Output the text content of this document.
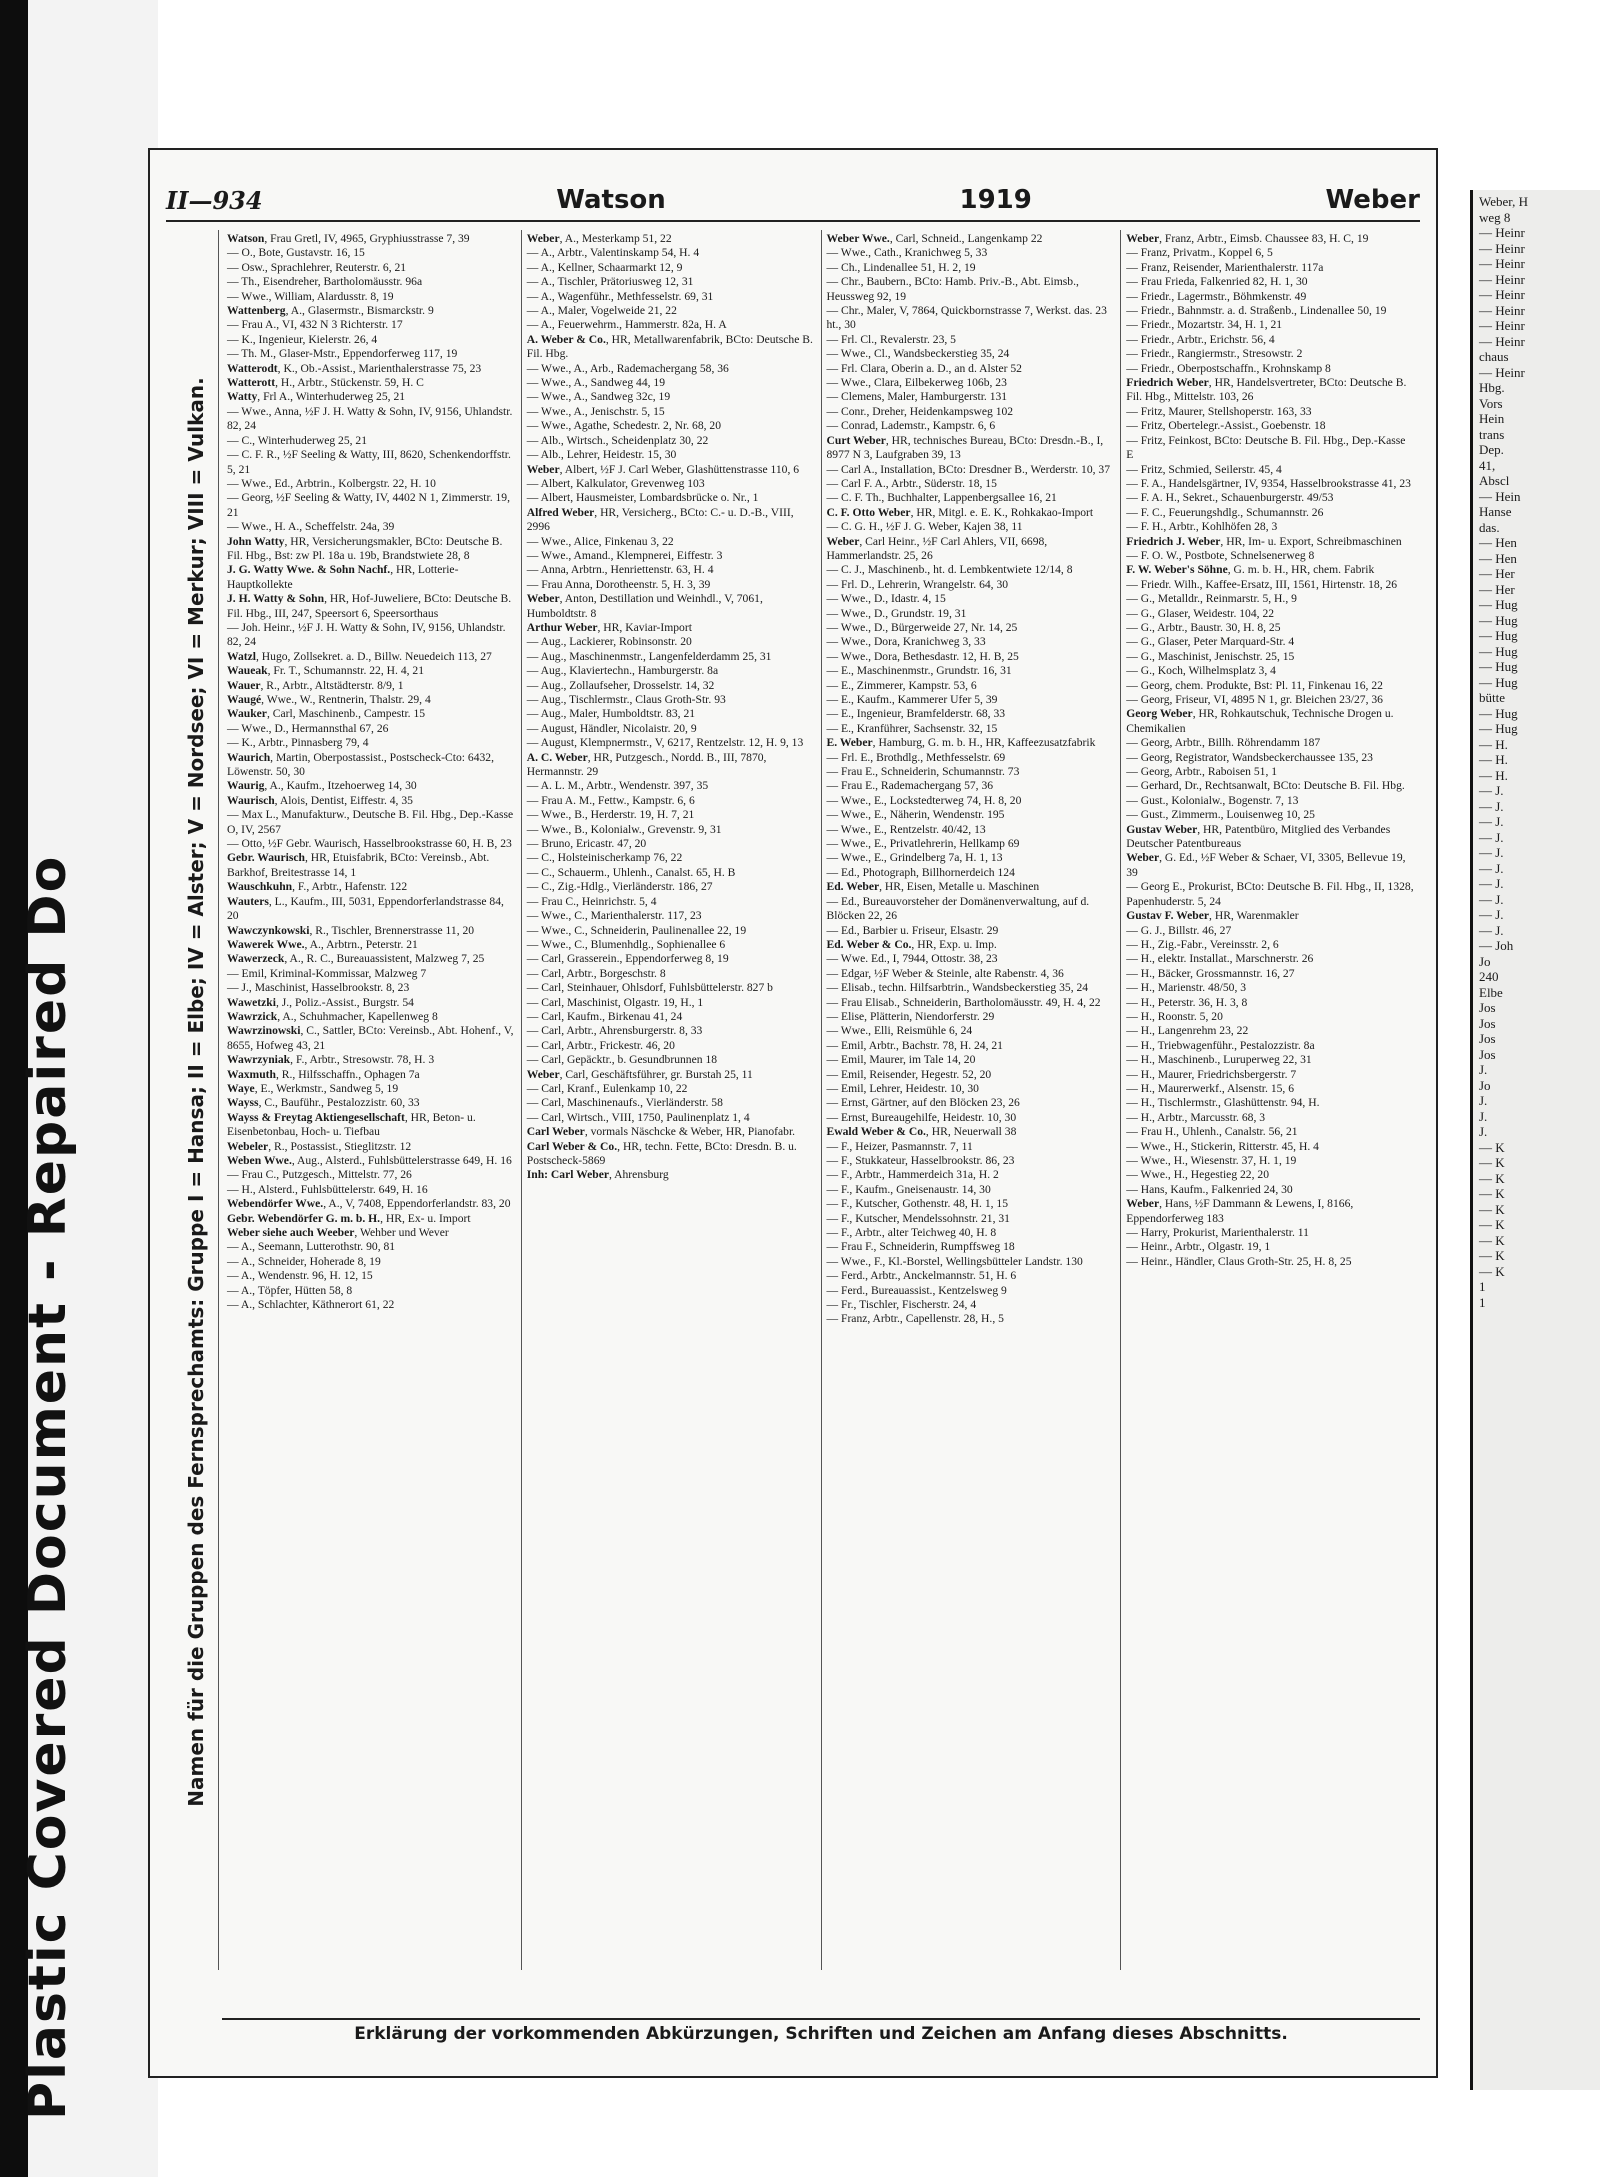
Plastic Covered Document - Repaired Do
II—934	Watson	1919	Weber
Namen für die Gruppen des Fernsprechamts: Gruppe I = Hansa; II = Elbe; IV = Alster; V = Nordsee; VI = Merkur; VIII = Vulkan.

Watson, Frau Gretl, IV, 4965, Gryphiusstrasse 7, 39

— O., Bote, Gustavstr. 16, 15

— Osw., Sprachlehrer, Reuterstr. 6, 21

— Th., Eisendreher, Bartholomäusstr. 96a

— Wwe., William, Alardusstr. 8, 19

Wattenberg, A., Glasermstr., Bismarckstr. 9

— Frau A., VI, 432 N 3 Richterstr. 17

— K., Ingenieur, Kielerstr. 26, 4

— Th. M., Glaser-Mstr., Eppendorferweg 117, 19

Watterodt, K., Ob.-Assist., Marienthalerstrasse 75, 23

Watterott, H., Arbtr., Stückenstr. 59, H. C

Watty, Frl A., Winterhuderweg 25, 21

— Wwe., Anna, ½F J. H. Watty & Sohn, IV, 9156, Uhlandstr. 82, 24

— C., Winterhuderweg 25, 21

— C. F. R., ½F Seeling & Watty, III, 8620, Schenkendorffstr. 5, 21

— Wwe., Ed., Arbtrin., Kolbergstr. 22, H. 10

— Georg, ½F Seeling & Watty, IV, 4402 N 1, Zimmerstr. 19, 21

— Wwe., H. A., Scheffelstr. 24a, 39

John Watty, HR, Versicherungsmakler, BCto: Deutsche B. Fil. Hbg., Bst: zw Pl. 18a u. 19b, Brandstwiete 28, 8

J. G. Watty Wwe. & Sohn Nachf., HR, Lotterie-Hauptkollekte

J. H. Watty & Sohn, HR, Hof-Juweliere, BCto: Deutsche B. Fil. Hbg., III, 247, Speersort 6, Speersorthaus

— Joh. Heinr., ½F J. H. Watty & Sohn, IV, 9156, Uhlandstr. 82, 24

Watzl, Hugo, Zollsekret. a. D., Billw. Neuedeich 113, 27

Waueak, Fr. T., Schumannstr. 22, H. 4, 21

Wauer, R., Arbtr., Altstädterstr. 8/9, 1

Waugé, Wwe., W., Rentnerin, Thalstr. 29, 4

Wauker, Carl, Maschinenb., Campestr. 15

— Wwe., D., Hermannsthal 67, 26

— K., Arbtr., Pinnasberg 79, 4

Waurich, Martin, Oberpostassist., Postscheck-Cto: 6432, Löwenstr. 50, 30

Waurig, A., Kaufm., Itzehoerweg 14, 30

Waurisch, Alois, Dentist, Eiffestr. 4, 35

— Max L., Manufakturw., Deutsche B. Fil. Hbg., Dep.-Kasse O, IV, 2567

— Otto, ½F Gebr. Waurisch, Hasselbrookstrasse 60, H. B, 23

Gebr. Waurisch, HR, Etuisfabrik, BCto: Vereinsb., Abt. Barkhof, Breitestrasse 14, 1

Wauschkuhn, F., Arbtr., Hafenstr. 122

Wauters, L., Kaufm., III, 5031, Eppendorferlandstrasse 84, 20

Wawczynkowski, R., Tischler, Brennerstrasse 11, 20

Wawerek Wwe., A., Arbtrn., Peterstr. 21

Wawerzeck, A., R. C., Bureauassistent, Malzweg 7, 25

— Emil, Kriminal-Kommissar, Malzweg 7

— J., Maschinist, Hasselbrookstr. 8, 23

Wawetzki, J., Poliz.-Assist., Burgstr. 54

Wawrzick, A., Schuhmacher, Kapellenweg 8

Wawrzinowski, C., Sattler, BCto: Vereinsb., Abt. Hohenf., V, 8655, Hofweg 43, 21

Wawrzyniak, F., Arbtr., Stresowstr. 78, H. 3

Waxmuth, R., Hilfsschaffn., Ophagen 7a

Waye, E., Werkmstr., Sandweg 5, 19

Wayss, C., Bauführ., Pestalozzistr. 60, 33

Wayss & Freytag Aktiengesellschaft, HR, Beton- u. Eisenbetonbau, Hoch- u. Tiefbau

Webeler, R., Postassist., Stieglitzstr. 12

Weben Wwe., Aug., Alsterd., Fuhlsbüttelerstrasse 649, H. 16

— Frau C., Putzgesch., Mittelstr. 77, 26

— H., Alsterd., Fuhlsbüttelerstr. 649, H. 16

Webendörfer Wwe., A., V, 7408, Eppendorferlandstr. 83, 20

Gebr. Webendörfer G. m. b. H., HR, Ex- u. Import

Weber siehe auch Weeber, Wehber und Wever

— A., Seemann, Lutterothstr. 90, 81

— A., Schneider, Hoherade 8, 19

— A., Wendenstr. 96, H. 12, 15

— A., Töpfer, Hütten 58, 8

— A., Schlachter, Käthnerort 61, 22

Weber, A., Mesterkamp 51, 22

— A., Arbtr., Valentinskamp 54, H. 4

— A., Kellner, Schaarmarkt 12, 9

— A., Tischler, Prätoriusweg 12, 31

— A., Wagenführ., Methfesselstr. 69, 31

— A., Maler, Vogelweide 21, 22

— A., Feuerwehrm., Hammerstr. 82a, H. A

A. Weber & Co., HR, Metallwarenfabrik, BCto: Deutsche B. Fil. Hbg.

— Wwe., A., Arb., Rademachergang 58, 36

— Wwe., A., Sandweg 44, 19

— Wwe., A., Sandweg 32c, 19

— Wwe., A., Jenischstr. 5, 15

— Wwe., Agathe, Schedestr. 2, Nr. 68, 20

— Alb., Wirtsch., Scheidenplatz 30, 22

— Alb., Lehrer, Heidestr. 15, 30

Weber, Albert, ½F J. Carl Weber, Glashüttenstrasse 110, 6

— Albert, Kalkulator, Grevenweg 103

— Albert, Hausmeister, Lombardsbrücke o. Nr., 1

Alfred Weber, HR, Versicherg., BCto: C.- u. D.-B., VIII, 2996

— Wwe., Alice, Finkenau 3, 22

— Wwe., Amand., Klempnerei, Eiffestr. 3

— Anna, Arbtrn., Henriettenstr. 63, H. 4

— Frau Anna, Dorotheenstr. 5, H. 3, 39

Weber, Anton, Destillation und Weinhdl., V, 7061, Humboldtstr. 8

Arthur Weber, HR, Kaviar-Import

— Aug., Lackierer, Robinsonstr. 20

— Aug., Maschinenmstr., Langenfelderdamm 25, 31

— Aug., Klaviertechn., Hamburgerstr. 8a

— Aug., Zollaufseher, Drosselstr. 14, 32

— Aug., Tischlermstr., Claus Groth-Str. 93

— Aug., Maler, Humboldtstr. 83, 21

— August, Händler, Nicolaistr. 20, 9

— August, Klempnermstr., V, 6217, Rentzelstr. 12, H. 9, 13

A. C. Weber, HR, Putzgesch., Nordd. B., III, 7870, Hermannstr. 29

— A. L. M., Arbtr., Wendenstr. 397, 35

— Frau A. M., Fettw., Kampstr. 6, 6

— Wwe., B., Herderstr. 19, H. 7, 21

— Wwe., B., Kolonialw., Grevenstr. 9, 31

— Bruno, Ericastr. 47, 20

— C., Holsteinischerkamp 76, 22

— C., Schauerm., Uhlenh., Canalst. 65, H. B

— C., Zig.-Hdlg., Vierländerstr. 186, 27

— Frau C., Heinrichstr. 5, 4

— Wwe., C., Marienthalerstr. 117, 23

— Wwe., C., Schneiderin, Paulinenallee 22, 19

— Wwe., C., Blumenhdlg., Sophienallee 6

— Carl, Grasserein., Eppendorferweg 8, 19

— Carl, Arbtr., Borgeschstr. 8

— Carl, Steinhauer, Ohlsdorf, Fuhlsbüttelerstr. 827 b

— Carl, Maschinist, Olgastr. 19, H., 1

— Carl, Kaufm., Birkenau 41, 24

— Carl, Arbtr., Ahrensburgerstr. 8, 33

— Carl, Arbtr., Frickestr. 46, 20

— Carl, Gepäcktr., b. Gesundbrunnen 18

Weber, Carl, Geschäftsführer, gr. Burstah 25, 11

— Carl, Kranf., Eulenkamp 10, 22

— Carl, Maschinenaufs., Vierländerstr. 58

— Carl, Wirtsch., VIII, 1750, Paulinenplatz 1, 4

Carl Weber, vormals Näschcke & Weber, HR, Pianofabr.

Carl Weber & Co., HR, techn. Fette, BCto: Dresdn. B. u. Postscheck-5869

Inh: Carl Weber, Ahrensburg

Weber Wwe., Carl, Schneid., Langenkamp 22

— Wwe., Cath., Kranichweg 5, 33

— Ch., Lindenallee 51, H. 2, 19

— Chr., Baubern., BCto: Hamb. Priv.-B., Abt. Eimsb., Heussweg 92, 19

— Chr., Maler, V, 7864, Quickbornstrasse 7, Werkst. das. 23 ht., 30

— Frl. Cl., Revalerstr. 23, 5

— Wwe., Cl., Wandsbeckerstieg 35, 24

— Frl. Clara, Oberin a. D., an d. Alster 52

— Wwe., Clara, Eilbekerweg 106b, 23

— Clemens, Maler, Hamburgerstr. 131

— Conr., Dreher, Heidenkampsweg 102

— Conrad, Lademstr., Kampstr. 6, 6

Curt Weber, HR, technisches Bureau, BCto: Dresdn.-B., I, 8977 N 3, Laufgraben 39, 13

— Carl A., Installation, BCto: Dresdner B., Werderstr. 10, 37

— Carl F. A., Arbtr., Süderstr. 18, 15

— C. F. Th., Buchhalter, Lappenbergsallee 16, 21

C. F. Otto Weber, HR, Mitgl. e. E. K., Rohkakao-Import

— C. G. H., ½F J. G. Weber, Kajen 38, 11

Weber, Carl Heinr., ½F Carl Ahlers, VII, 6698, Hammerlandstr. 25, 26

— C. J., Maschinenb., ht. d. Lembkentwiete 12/14, 8

— Frl. D., Lehrerin, Wrangelstr. 64, 30

— Wwe., D., Idastr. 4, 15

— Wwe., D., Grundstr. 19, 31

— Wwe., D., Bürgerweide 27, Nr. 14, 25

— Wwe., Dora, Kranichweg 3, 33

— Wwe., Dora, Bethesdastr. 12, H. B, 25

— E., Maschinenmstr., Grundstr. 16, 31

— E., Zimmerer, Kampstr. 53, 6

— E., Kaufm., Kammerer Ufer 5, 39

— E., Ingenieur, Bramfelderstr. 68, 33

— E., Kranführer, Sachsenstr. 32, 15

E. Weber, Hamburg, G. m. b. H., HR, Kaffeezusatzfabrik

— Frl. E., Brothdlg., Methfesselstr. 69

— Frau E., Schneiderin, Schumannstr. 73

— Frau E., Rademachergang 57, 36

— Wwe., E., Lockstedterweg 74, H. 8, 20

— Wwe., E., Näherin, Wendenstr. 195

— Wwe., E., Rentzelstr. 40/42, 13

— Wwe., E., Privatlehrerin, Hellkamp 69

— Wwe., E., Grindelberg 7a, H. 1, 13

— Ed., Photograph, Billhornerdeich 124

Ed. Weber, HR, Eisen, Metalle u. Maschinen

— Ed., Bureauvorsteher der Domänenverwaltung, auf d. Blöcken 22, 26

— Ed., Barbier u. Friseur, Elsastr. 29

Ed. Weber & Co., HR, Exp. u. Imp.

— Wwe. Ed., I, 7944, Ottostr. 38, 23

— Edgar, ½F Weber & Steinle, alte Rabenstr. 4, 36

— Elisab., techn. Hilfsarbtrin., Wandsbeckerstieg 35, 24

— Frau Elisab., Schneiderin, Bartholomäusstr. 49, H. 4, 22

— Elise, Plätterin, Niendorferstr. 29

— Wwe., Elli, Reismühle 6, 24

— Emil, Arbtr., Bachstr. 78, H. 24, 21

— Emil, Maurer, im Tale 14, 20

— Emil, Reisender, Hegestr. 52, 20

— Emil, Lehrer, Heidestr. 10, 30

— Ernst, Gärtner, auf den Blöcken 23, 26

— Ernst, Bureaugehilfe, Heidestr. 10, 30

Ewald Weber & Co., HR, Neuerwall 38

— F., Heizer, Pasmannstr. 7, 11

— F., Stukkateur, Hasselbrookstr. 86, 23

— F., Arbtr., Hammerdeich 31a, H. 2

— F., Kaufm., Gneisenaustr. 14, 30

— F., Kutscher, Gothenstr. 48, H. 1, 15

— F., Kutscher, Mendelssohnstr. 21, 31

— F., Arbtr., alter Teichweg 40, H. 8

— Frau F., Schneiderin, Rumpffsweg 18

— Wwe., F., Kl.-Borstel, Wellingsbütteler Landstr. 130

— Ferd., Arbtr., Anckelmannstr. 51, H. 6

— Ferd., Bureauassist., Kentzelsweg 9

— Fr., Tischler, Fischerstr. 24, 4

— Franz, Arbtr., Capellenstr. 28, H., 5

Weber, Franz, Arbtr., Eimsb. Chaussee 83, H. C, 19

— Franz, Privatm., Koppel 6, 5

— Franz, Reisender, Marienthalerstr. 117a

— Frau Frieda, Falkenried 82, H. 1, 30

— Friedr., Lagermstr., Böhmkenstr. 49

— Friedr., Bahnmstr. a. d. Straßenb., Lindenallee 50, 19

— Friedr., Mozartstr. 34, H. 1, 21

— Friedr., Arbtr., Erichstr. 56, 4

— Friedr., Rangiermstr., Stresowstr. 2

— Friedr., Oberpostschaffn., Krohnskamp 8

Friedrich Weber, HR, Handelsvertreter, BCto: Deutsche B. Fil. Hbg., Mittelstr. 103, 26

— Fritz, Maurer, Stellshoperstr. 163, 33

— Fritz, Obertelegr.-Assist., Goebenstr. 18

— Fritz, Feinkost, BCto: Deutsche B. Fil. Hbg., Dep.-Kasse E

— Fritz, Schmied, Seilerstr. 45, 4

— F. A., Handelsgärtner, IV, 9354, Hasselbrookstrasse 41, 23

— F. A. H., Sekret., Schauenburgerstr. 49/53

— F. C., Feuerungshdlg., Schumannstr. 26

— F. H., Arbtr., Kohlhöfen 28, 3

Friedrich J. Weber, HR, Im- u. Export, Schreibmaschinen

— F. O. W., Postbote, Schnelsenerweg 8

F. W. Weber's Söhne, G. m. b. H., HR, chem. Fabrik

— Friedr. Wilh., Kaffee-Ersatz, III, 1561, Hirtenstr. 18, 26

— G., Metalldr., Reinmarstr. 5, H., 9

— G., Glaser, Weidestr. 104, 22

— G., Arbtr., Baustr. 30, H. 8, 25

— G., Glaser, Peter Marquard-Str. 4

— G., Maschinist, Jenischstr. 25, 15

— G., Koch, Wilhelmsplatz 3, 4

— Georg, chem. Produkte, Bst: Pl. 11, Finkenau 16, 22

— Georg, Friseur, VI, 4895 N 1, gr. Bleichen 23/27, 36

Georg Weber, HR, Rohkautschuk, Technische Drogen u. Chemikalien

— Georg, Arbtr., Billh. Röhrendamm 187

— Georg, Registrator, Wandsbeckerchaussee 135, 23

— Georg, Arbtr., Raboisen 51, 1

— Gerhard, Dr., Rechtsanwalt, BCto: Deutsche B. Fil. Hbg.

— Gust., Kolonialw., Bogenstr. 7, 13

— Gust., Zimmerm., Louisenweg 10, 25

Gustav Weber, HR, Patentbüro, Mitglied des Verbandes Deutscher Patentbureaus

Weber, G. Ed., ½F Weber & Schaer, VI, 3305, Bellevue 19, 39

— Georg E., Prokurist, BCto: Deutsche B. Fil. Hbg., II, 1328, Papenhuderstr. 5, 24

Gustav F. Weber, HR, Warenmakler

— G. J., Billstr. 46, 27

— H., Zig.-Fabr., Vereinsstr. 2, 6

— H., elektr. Installat., Marschnerstr. 26

— H., Bäcker, Grossmannstr. 16, 27

— H., Marienstr. 48/50, 3

— H., Peterstr. 36, H. 3, 8

— H., Roonstr. 5, 20

— H., Langenrehm 23, 22

— H., Triebwagenführ., Pestalozzistr. 8a

— H., Maschinenb., Luruperweg 22, 31

— H., Maurer, Friedrichsbergerstr. 7

— H., Maurerwerkf., Alsenstr. 15, 6

— H., Tischlermstr., Glashüttenstr. 94, H.

— H., Arbtr., Marcusstr. 68, 3

— Frau H., Uhlenh., Canalstr. 56, 21

— Wwe., H., Stickerin, Ritterstr. 45, H. 4

— Wwe., H., Wiesenstr. 37, H. 1, 19

— Wwe., H., Hegestieg 22, 20

— Hans, Kaufm., Falkenried 24, 30

Weber, Hans, ½F Dammann & Lewens, I, 8166, Eppendorferweg 183

— Harry, Prokurist, Marienthalerstr. 11

— Heinr., Arbtr., Olgastr. 19, 1

— Heinr., Händler, Claus Groth-Str. 25, H. 8, 25

Erklärung der vorkommenden Abkürzungen, Schriften und Zeichen am Anfang dieses Abschnitts.
Weber, H
weg 8
— Heinr
— Heinr
— Heinr
— Heinr
— Heinr
— Heinr
— Heinr
— Heinr
chaus
— Heinr
Hbg.
Vors
Hein
trans
Dep.
41,
Abscl
— Hein
Hanse
das.
— Hen
— Hen
— Her
— Her
— Hug
— Hug
— Hug
— Hug
— Hug
— Hug
bütte
— Hug
— Hug
— H.
— H.
— H.
— J.
— J.
— J.
— J.
— J.
— J.
— J.
— J.
— J.
— J.
— Joh
Jo
240
Elbe
Jos
Jos
Jos
Jos
J.
Jo
J.
J.
J.
— K
— K
— K
— K
— K
— K
— K
— K
— K
1
1
